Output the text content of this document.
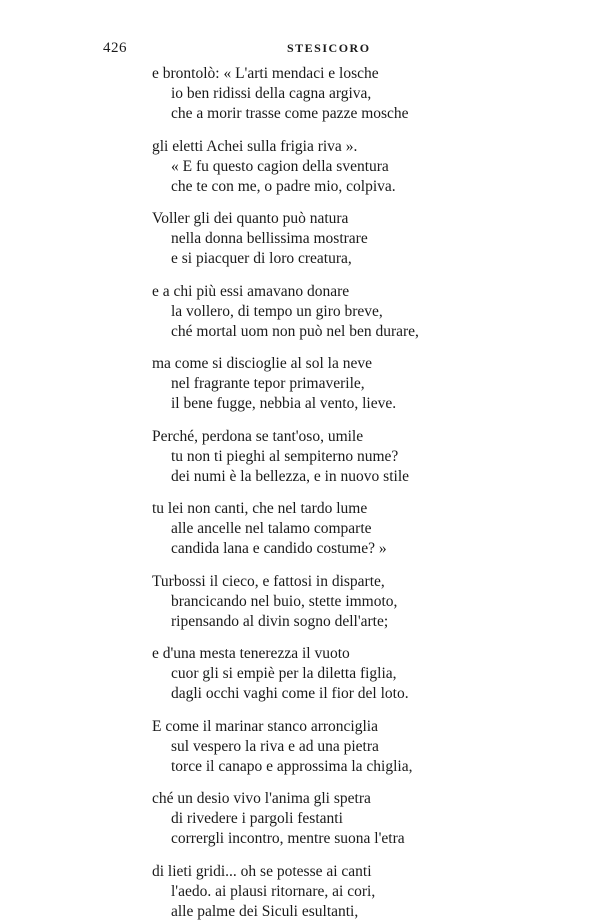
426	STESICORO
e brontolò: « L'arti mendaci e losche
io ben ridissi della cagna argiva,
che a morir trasse come pazze mosche
gli eletti Achei sulla frigia riva ».
« E fu questo cagion della sventura
che te con me, o padre mio, colpiva.
Voller gli dei quanto può natura
nella donna bellissima mostrare
e si piacquer di loro creatura,
e a chi più essi amavano donare
la vollero, di tempo un giro breve,
ché mortal uom non può nel ben durare,
ma come si discioglie al sol la neve
nel fragrante tepor primaverile,
il bene fugge, nebbia al vento, lieve.
Perché, perdona se tant'oso, umile
tu non ti pieghi al sempiterno nume?
dei numi è la bellezza, e in nuovo stile
tu lei non canti, che nel tardo lume
alle ancelle nel talamo comparte
candida lana e candido costume? »
Turbossi il cieco, e fattosi in disparte,
brancicando nel buio, stette immoto,
ripensando al divin sogno dell'arte;
e d'una mesta tenerezza il vuoto
cuor gli si empiè per la diletta figlia,
dagli occhi vaghi come il fior del loto.
E come il marinar stanco arronciglia
sul vespero la riva e ad una pietra
torce il canapo e approssima la chiglia,
ché un desio vivo l'anima gli spetra
di rivedere i pargoli festanti
corrergli incontro, mentre suona l'etra
di lieti gridi... oh se potesse ai canti
l'aedo. ai plausi ritornare, ai cori,
alle palme dei Siculi esultanti,
